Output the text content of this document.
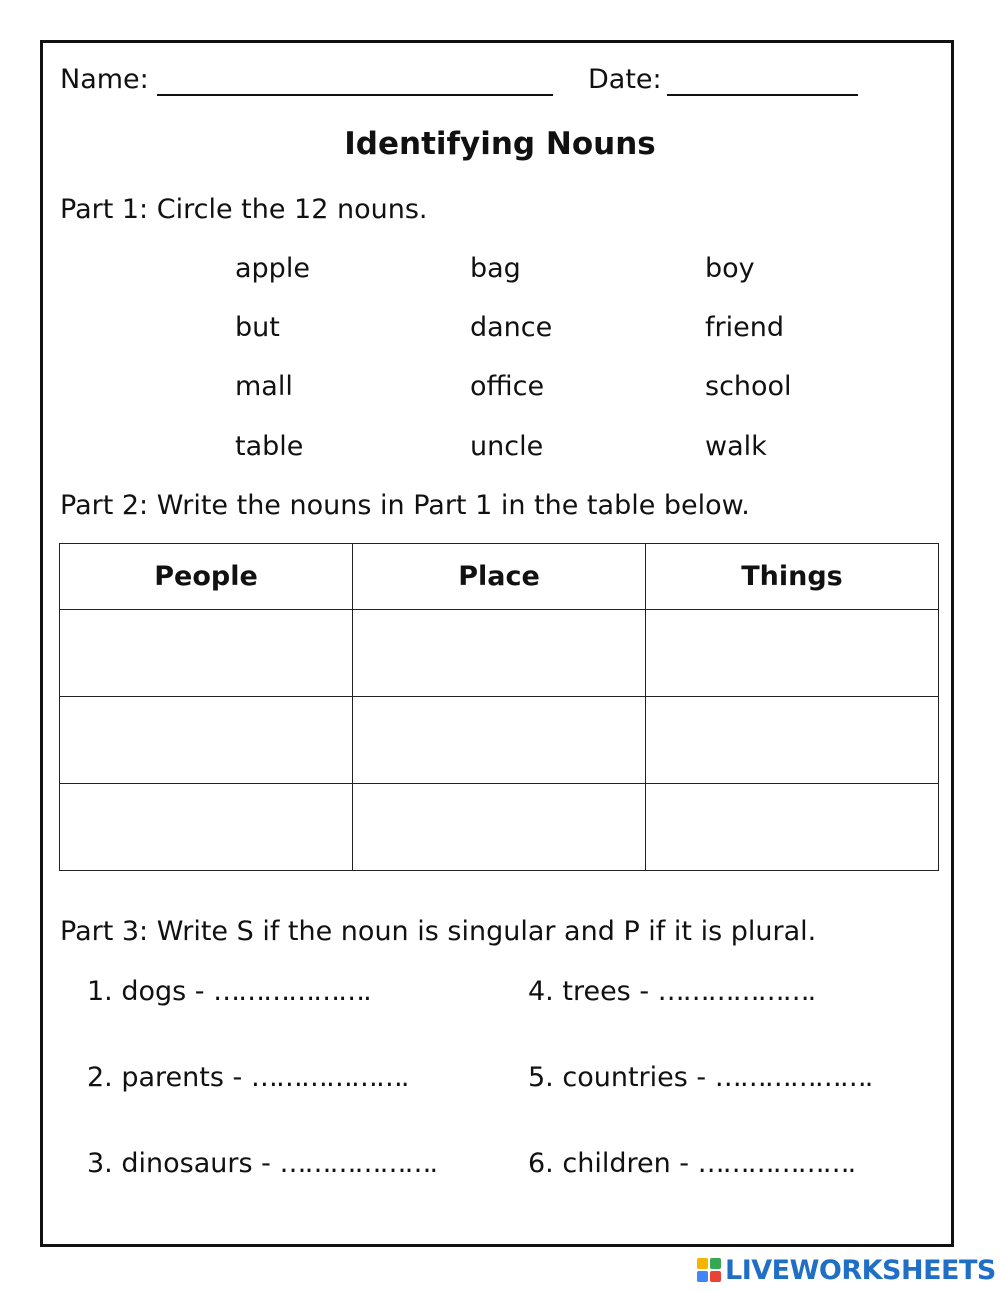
Name:	Date:
Identifying Nouns
Part 1: Circle the 12 nouns.
apple	bag	boy
but	dance	friend
mall	office	school
table	uncle	walk
Part 2: Write the nouns in Part 1 in the table below.
People	Place	Things

Part 3: Write S if the noun is singular and P if it is plural.
1. dogs - ……………….
2. parents - ……………….
3. dinosaurs - ……………….
4. trees - ……………….
5. countries - ……………….
6. children - ……………….
LIVEWORKSHEETS
